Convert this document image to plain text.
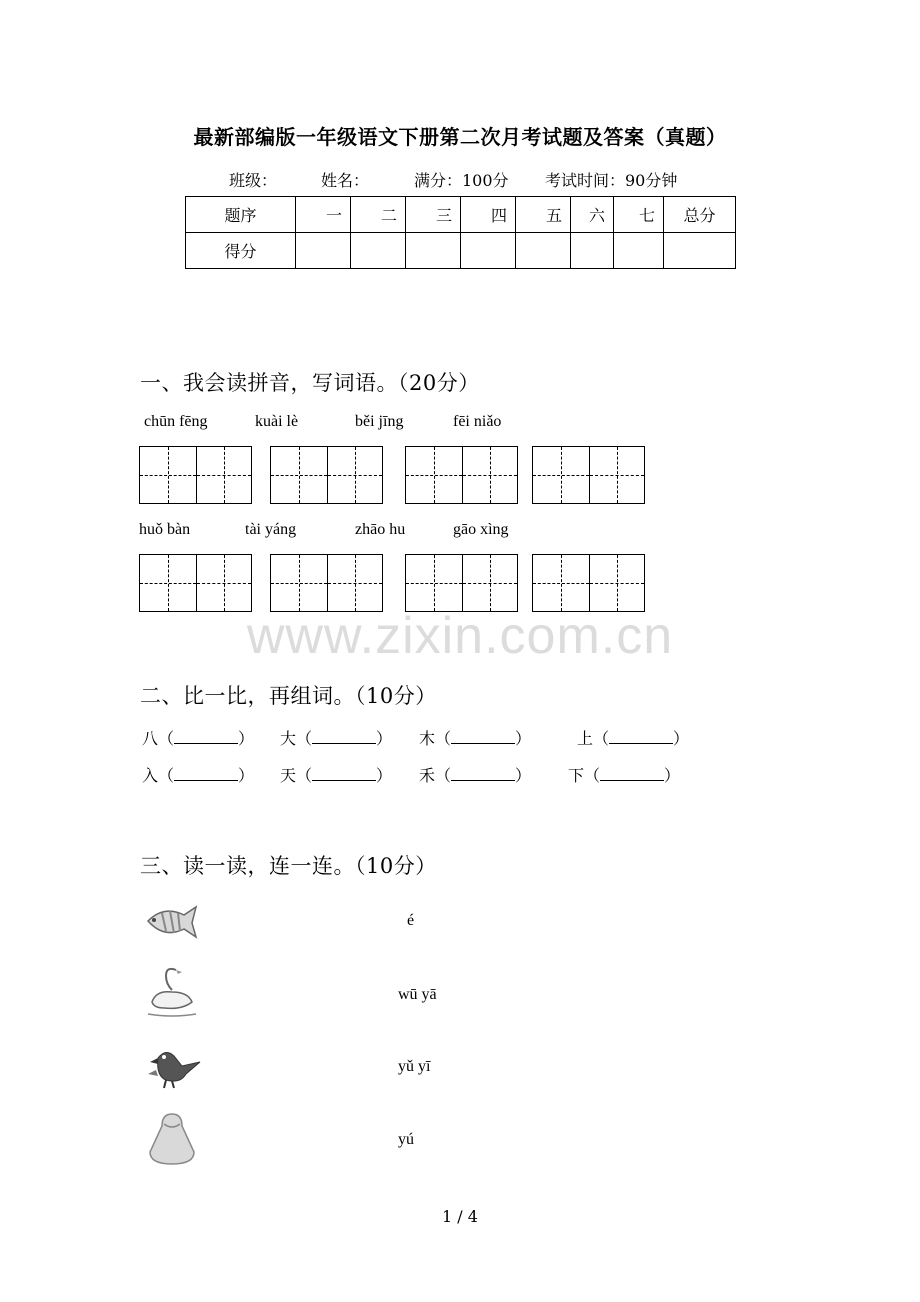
最新部编版一年级语文下册第二次月考试题及答案（真题）
班级：	姓名：	满分：100分 考试时间：90分钟
题序	一	二	三	四	五	六	七	总分
得分								
一、我会读拼音，写词语。（20分）
chūn fēng	kuài lè	běi jīng	fēi niǎo
huǒ bàn	tài yáng	zhāo hu	gāo xìng
www.zixin.com.cn
二、比一比，再组词。（10分）
八（	） 大（	） 木（	）	上（	）
入（	） 天（	） 禾（	） 下（	）
三、读一读，连一连。（10分）
é
wū yā
yǔ yī
yú
1 / 4
